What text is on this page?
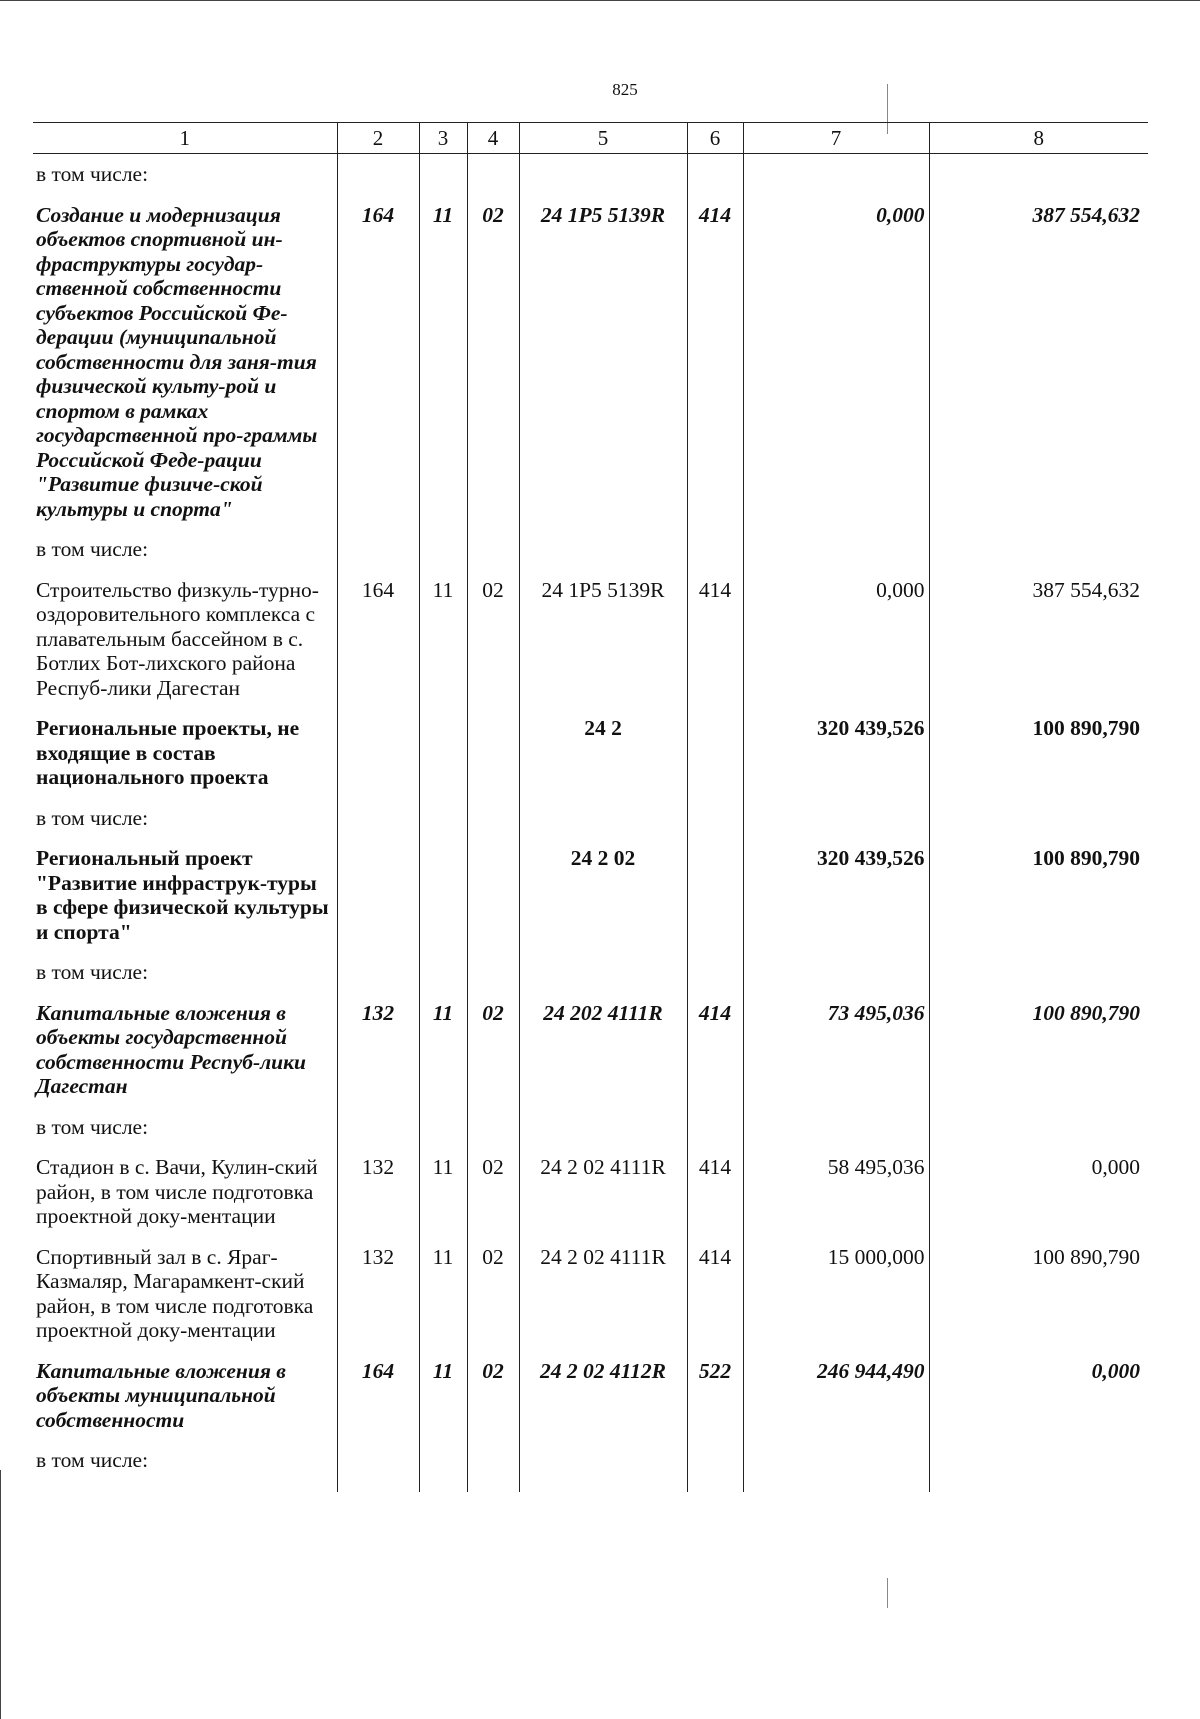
825
1	2	3	4	5	6	7	8
в том числе:							
Создание и модернизация объектов спортивной ин-фраструктуры государ-ственной собственности субъектов Российской Фе-дерации (муниципальной собственности для заня-тия физической культу-рой и спортом в рамках государственной про-граммы Российской Феде-рации "Развитие физиче-ской культуры и спорта"	164	11	02	24 1P5 5139R	414	0,000	387 554,632
в том числе:							
Строительство физкуль-турно-оздоровительного комплекса с плавательным бассейном в с. Ботлих Бот-лихского района Респуб-лики Дагестан	164	11	02	24 1P5 5139R	414	0,000	387 554,632
Региональные проекты, не входящие в состав национального проекта				24 2		320 439,526	100 890,790
в том числе:							
Региональный проект "Развитие инфраструк-туры в сфере физической культуры и спорта"				24 2 02		320 439,526	100 890,790
в том числе:							
Капитальные вложения в объекты государственной собственности Респуб-лики Дагестан	132	11	02	24 202 4111R	414	73 495,036	100 890,790
в том числе:							
Стадион в с. Вачи, Кулин-ский район, в том числе подготовка проектной доку-ментации	132	11	02	24 2 02 4111R	414	58 495,036	0,000
Спортивный зал в с. Яраг-Казмаляр, Магарамкент-ский район, в том числе подготовка проектной доку-ментации	132	11	02	24 2 02 4111R	414	15 000,000	100 890,790
Капитальные вложения в объекты муниципальной собственности	164	11	02	24 2 02 4112R	522	246 944,490	0,000
в том числе:							
